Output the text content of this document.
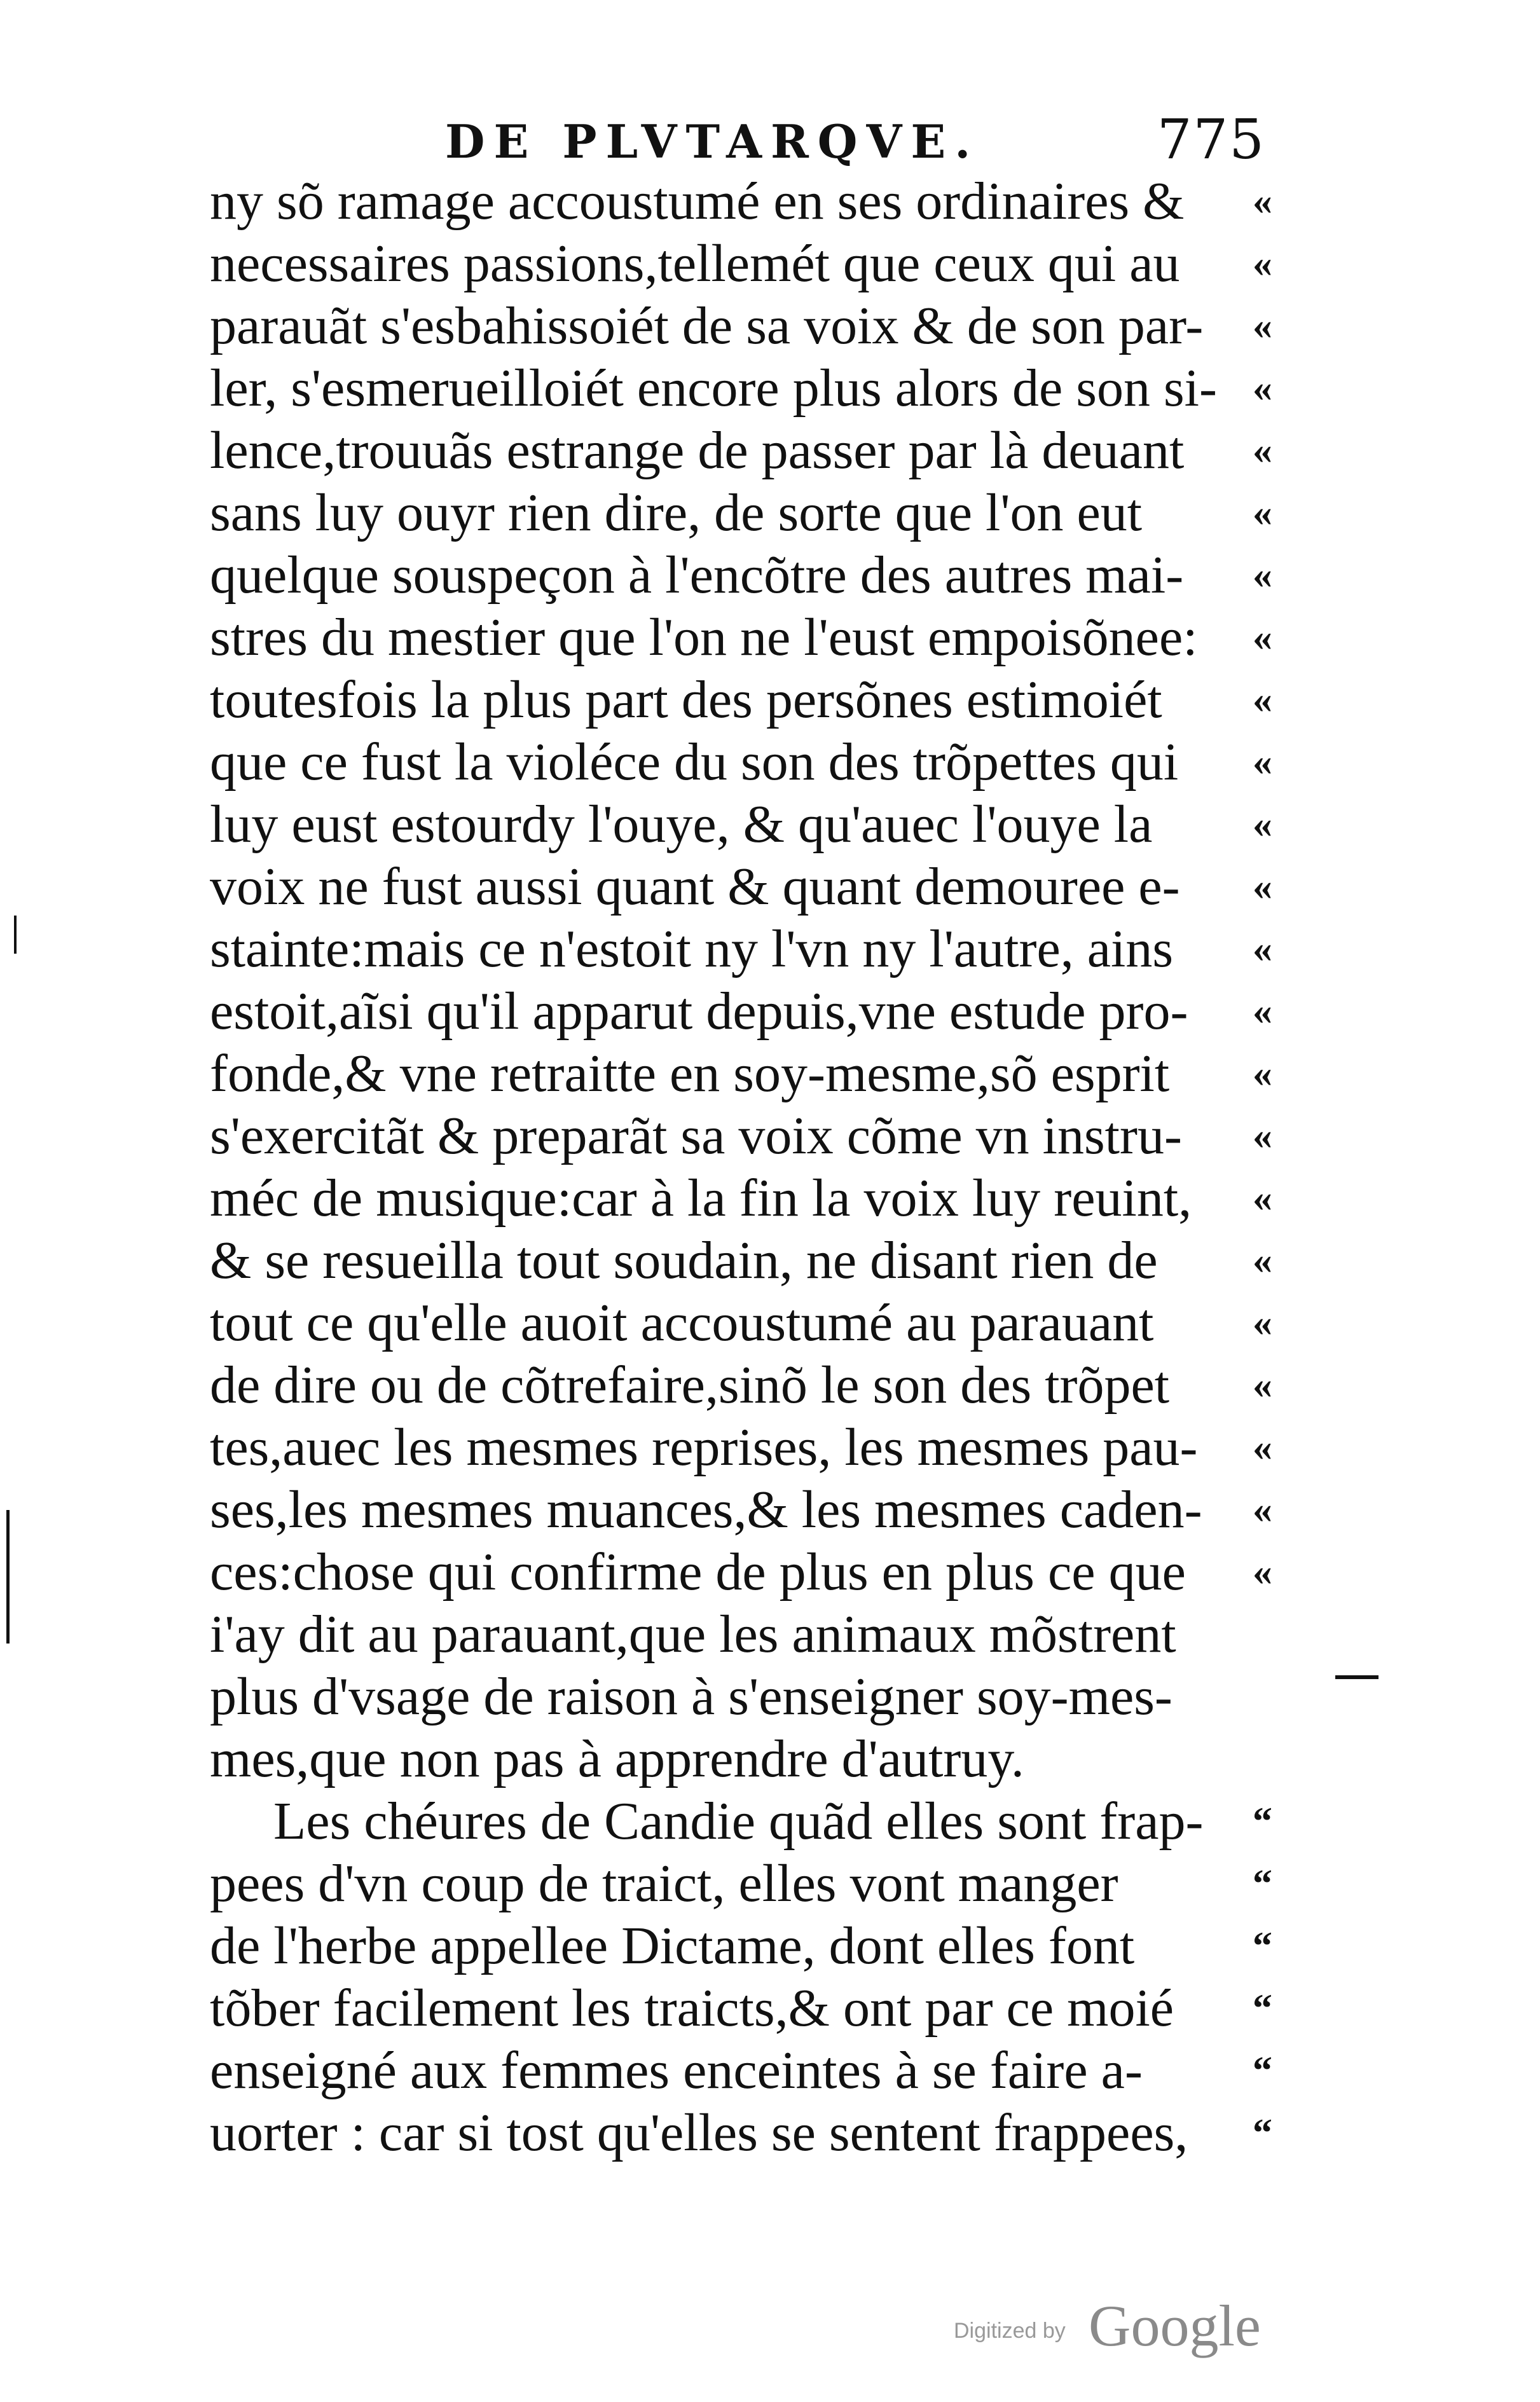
DE PLVTARQVE.	775
ny sõ ramage accoustumé en ses ordinaires & «
necessaires passions,tellemét que ceux qui au «
parauãt s'esbahissoiét de sa voix & de son par- «
ler, s'esmerueilloiét encore plus alors de son si- «
lence,trouuãs estrange de passer par là deuant «
sans luy ouyr rien dire, de sorte que l'on eut	«
quelque souspeçon à l'encõtre des autres mai- «
stres du mestier que l'on ne l'eust empoisõnee: «
toutesfois la plus part des persõnes estimoiét «
que ce fust la violéce du son des trõpettes qui «
luy eust estourdy l'ouye, & qu'auec l'ouye la	«
voix ne fust aussi quant & quant demouree e- «
stainte:mais ce n'estoit ny l'vn ny l'autre, ains «
estoit,aĩsi qu'il apparut depuis,vne estude pro- «
fonde,& vne retraitte en soy-mesme,sõ esprit «
s'exercitãt & preparãt sa voix cõme vn instru- «
méc de musique:car à la fin la voix luy reuint, «
& se resueilla tout soudain, ne disant rien de «
tout ce qu'elle auoit accoustumé au parauant	«
de dire ou de cõtrefaire,sinõ le son des trõpet «
tes,auec les mesmes reprises, les mesmes pau- «
ses,les mesmes muances,& les mesmes caden- «
ces:chose qui confirme de plus en plus ce que «
i'ay dit au parauant,que les animaux mõstrent
plus d'vsage de raison à s'enseigner soy-mes-
mes,que non pas à apprendre d'autruy.
Les chéures de Candie quãd elles sont frap- “
pees d'vn coup de traict, elles vont manger	“
de l'herbe appellee Dictame, dont elles font	“
tõber facilement les traicts,& ont par ce moié “
enseigné aux femmes enceintes à se faire a-	“
uorter : car si tost qu'elles se sentent frappees, “
Digitized by Google
